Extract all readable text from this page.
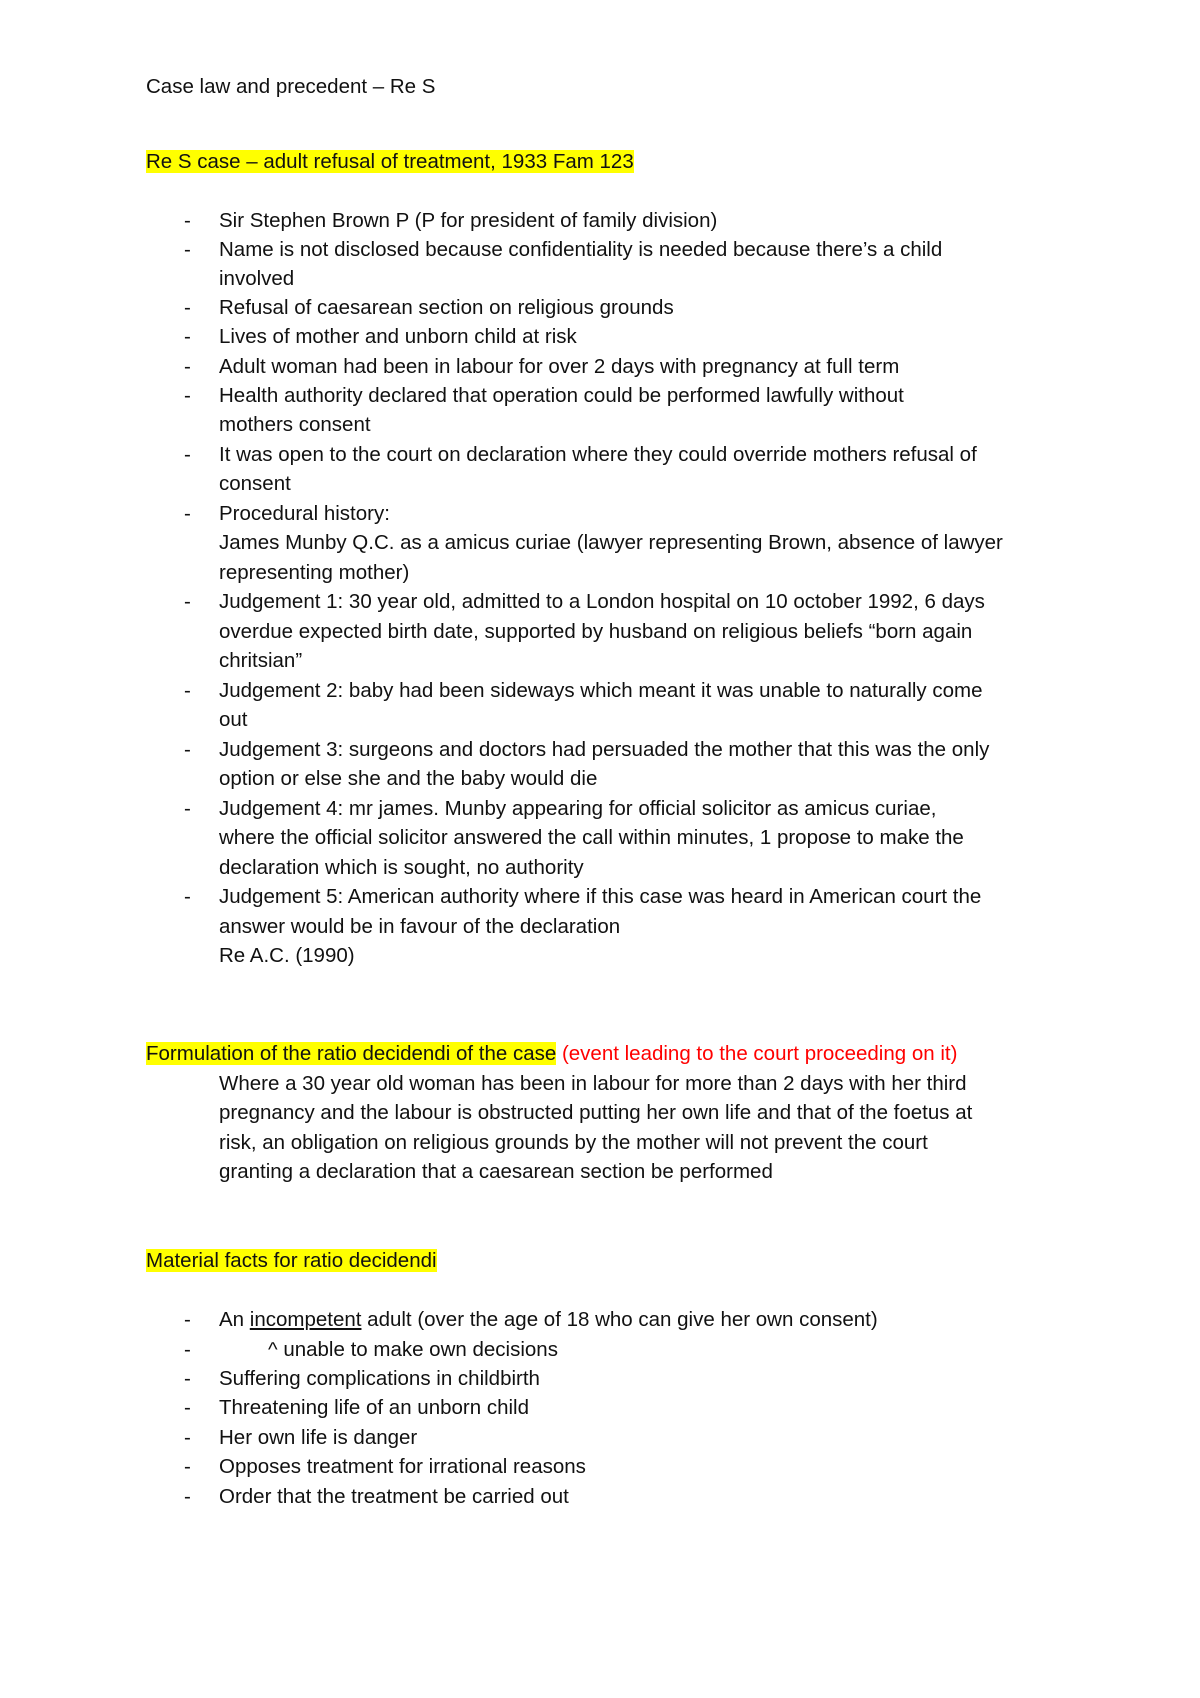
Case law and precedent – Re S
Re S case – adult refusal of treatment, 1933 Fam 123
-	Sir Stephen Brown P (P for president of family division)
-	Name is not disclosed because confidentiality is needed because there’s a child
involved
-	Refusal of caesarean section on religious grounds
-	Lives of mother and unborn child at risk
-	Adult woman had been in labour for over 2 days with pregnancy at full term
-	Health authority declared that operation could be performed lawfully without
mothers consent
-	It was open to the court on declaration where they could override mothers refusal of
consent
-	Procedural history:
James Munby Q.C. as a amicus curiae (lawyer representing Brown, absence of lawyer
representing mother)
-	Judgement 1: 30 year old, admitted to a London hospital on 10 october 1992, 6 days
overdue expected birth date, supported by husband on religious beliefs “born again
chritsian”
-	Judgement 2: baby had been sideways which meant it was unable to naturally come
out
-	Judgement 3: surgeons and doctors had persuaded the mother that this was the only
option or else she and the baby would die
-	Judgement 4: mr james. Munby appearing for official solicitor as amicus curiae,
where the official solicitor answered the call within minutes, 1 propose to make the
declaration which is sought, no authority
-	Judgement 5: American authority where if this case was heard in American court the
answer would be in favour of the declaration
Re A.C. (1990)
Formulation of the ratio decidendi of the case (event leading to the court proceeding on it)
Where a 30 year old woman has been in labour for more than 2 days with her third
pregnancy and the labour is obstructed putting her own life and that of the foetus at
risk, an obligation on religious grounds by the mother will not prevent the court
granting a declaration that a caesarean section be performed
Material facts for ratio decidendi
-	An incompetent adult (over the age of 18 who can give her own consent)
-	^ unable to make own decisions
-	Suffering complications in childbirth
-	Threatening life of an unborn child
-	Her own life is danger
-	Opposes treatment for irrational reasons
-	Order that the treatment be carried out
